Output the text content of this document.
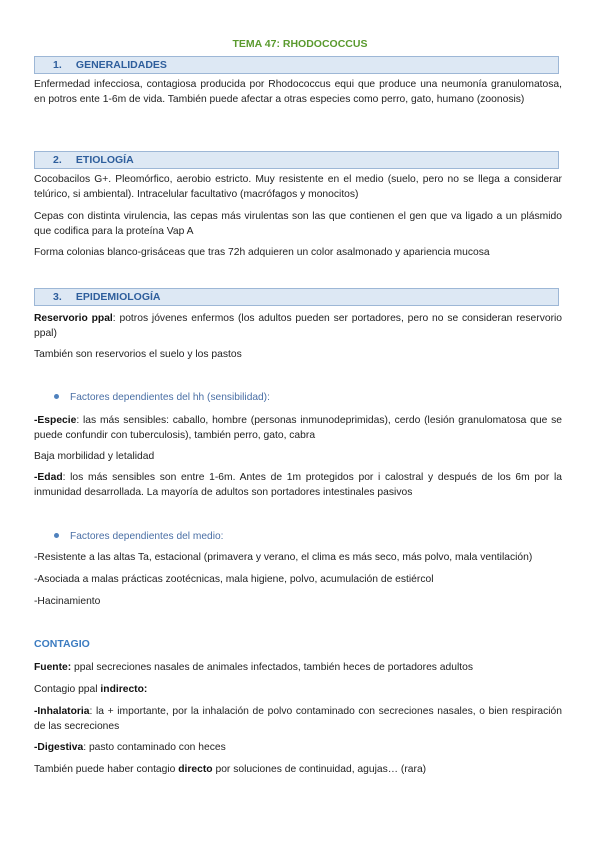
TEMA 47: RHODOCOCCUS
1. GENERALIDADES
Enfermedad infecciosa, contagiosa producida por Rhodococcus equi que produce una neumonía granulomatosa, en potros ente 1-6m de vida. También puede afectar a otras especies como perro, gato, humano (zoonosis)
2. ETIOLOGÍA
Cocobacilos G+. Pleomórfico, aerobio estricto. Muy resistente en el medio (suelo, pero no se llega a considerar telúrico, si ambiental). Intracelular facultativo (macrófagos y monocitos)
Cepas con distinta virulencia, las cepas más virulentas son las que contienen el gen que va ligado a un plásmido que codifica para la proteína Vap A
Forma colonias blanco-grisáceas que tras 72h adquieren un color asalmonado y apariencia mucosa
3. EPIDEMIOLOGÍA
Reservorio ppal: potros jóvenes enfermos (los adultos pueden ser portadores, pero no se consideran reservorio ppal)
También son reservorios el suelo y los pastos
Factores dependientes del hh (sensibilidad):
-Especie: las más sensibles: caballo, hombre (personas inmunodeprimidas), cerdo (lesión granulomatosa que se puede confundir con tuberculosis), también perro, gato, cabra
Baja morbilidad y letalidad
-Edad: los más sensibles son entre 1-6m. Antes de 1m protegidos por i calostral y después de los 6m por la inmunidad desarrollada. La mayoría de adultos son portadores intestinales pasivos
Factores dependientes del medio:
-Resistente a las altas Ta, estacional (primavera y verano, el clima es más seco, más polvo, mala ventilación)
-Asociada a malas prácticas zootécnicas, mala higiene, polvo, acumulación de estiércol
-Hacinamiento
CONTAGIO
Fuente: ppal secreciones nasales de animales infectados, también heces de portadores adultos
Contagio ppal indirecto:
-Inhalatoria: la + importante, por la inhalación de polvo contaminado con secreciones nasales, o bien respiración de las secreciones
-Digestiva: pasto contaminado con heces
También puede haber contagio directo por soluciones de continuidad, agujas… (rara)
